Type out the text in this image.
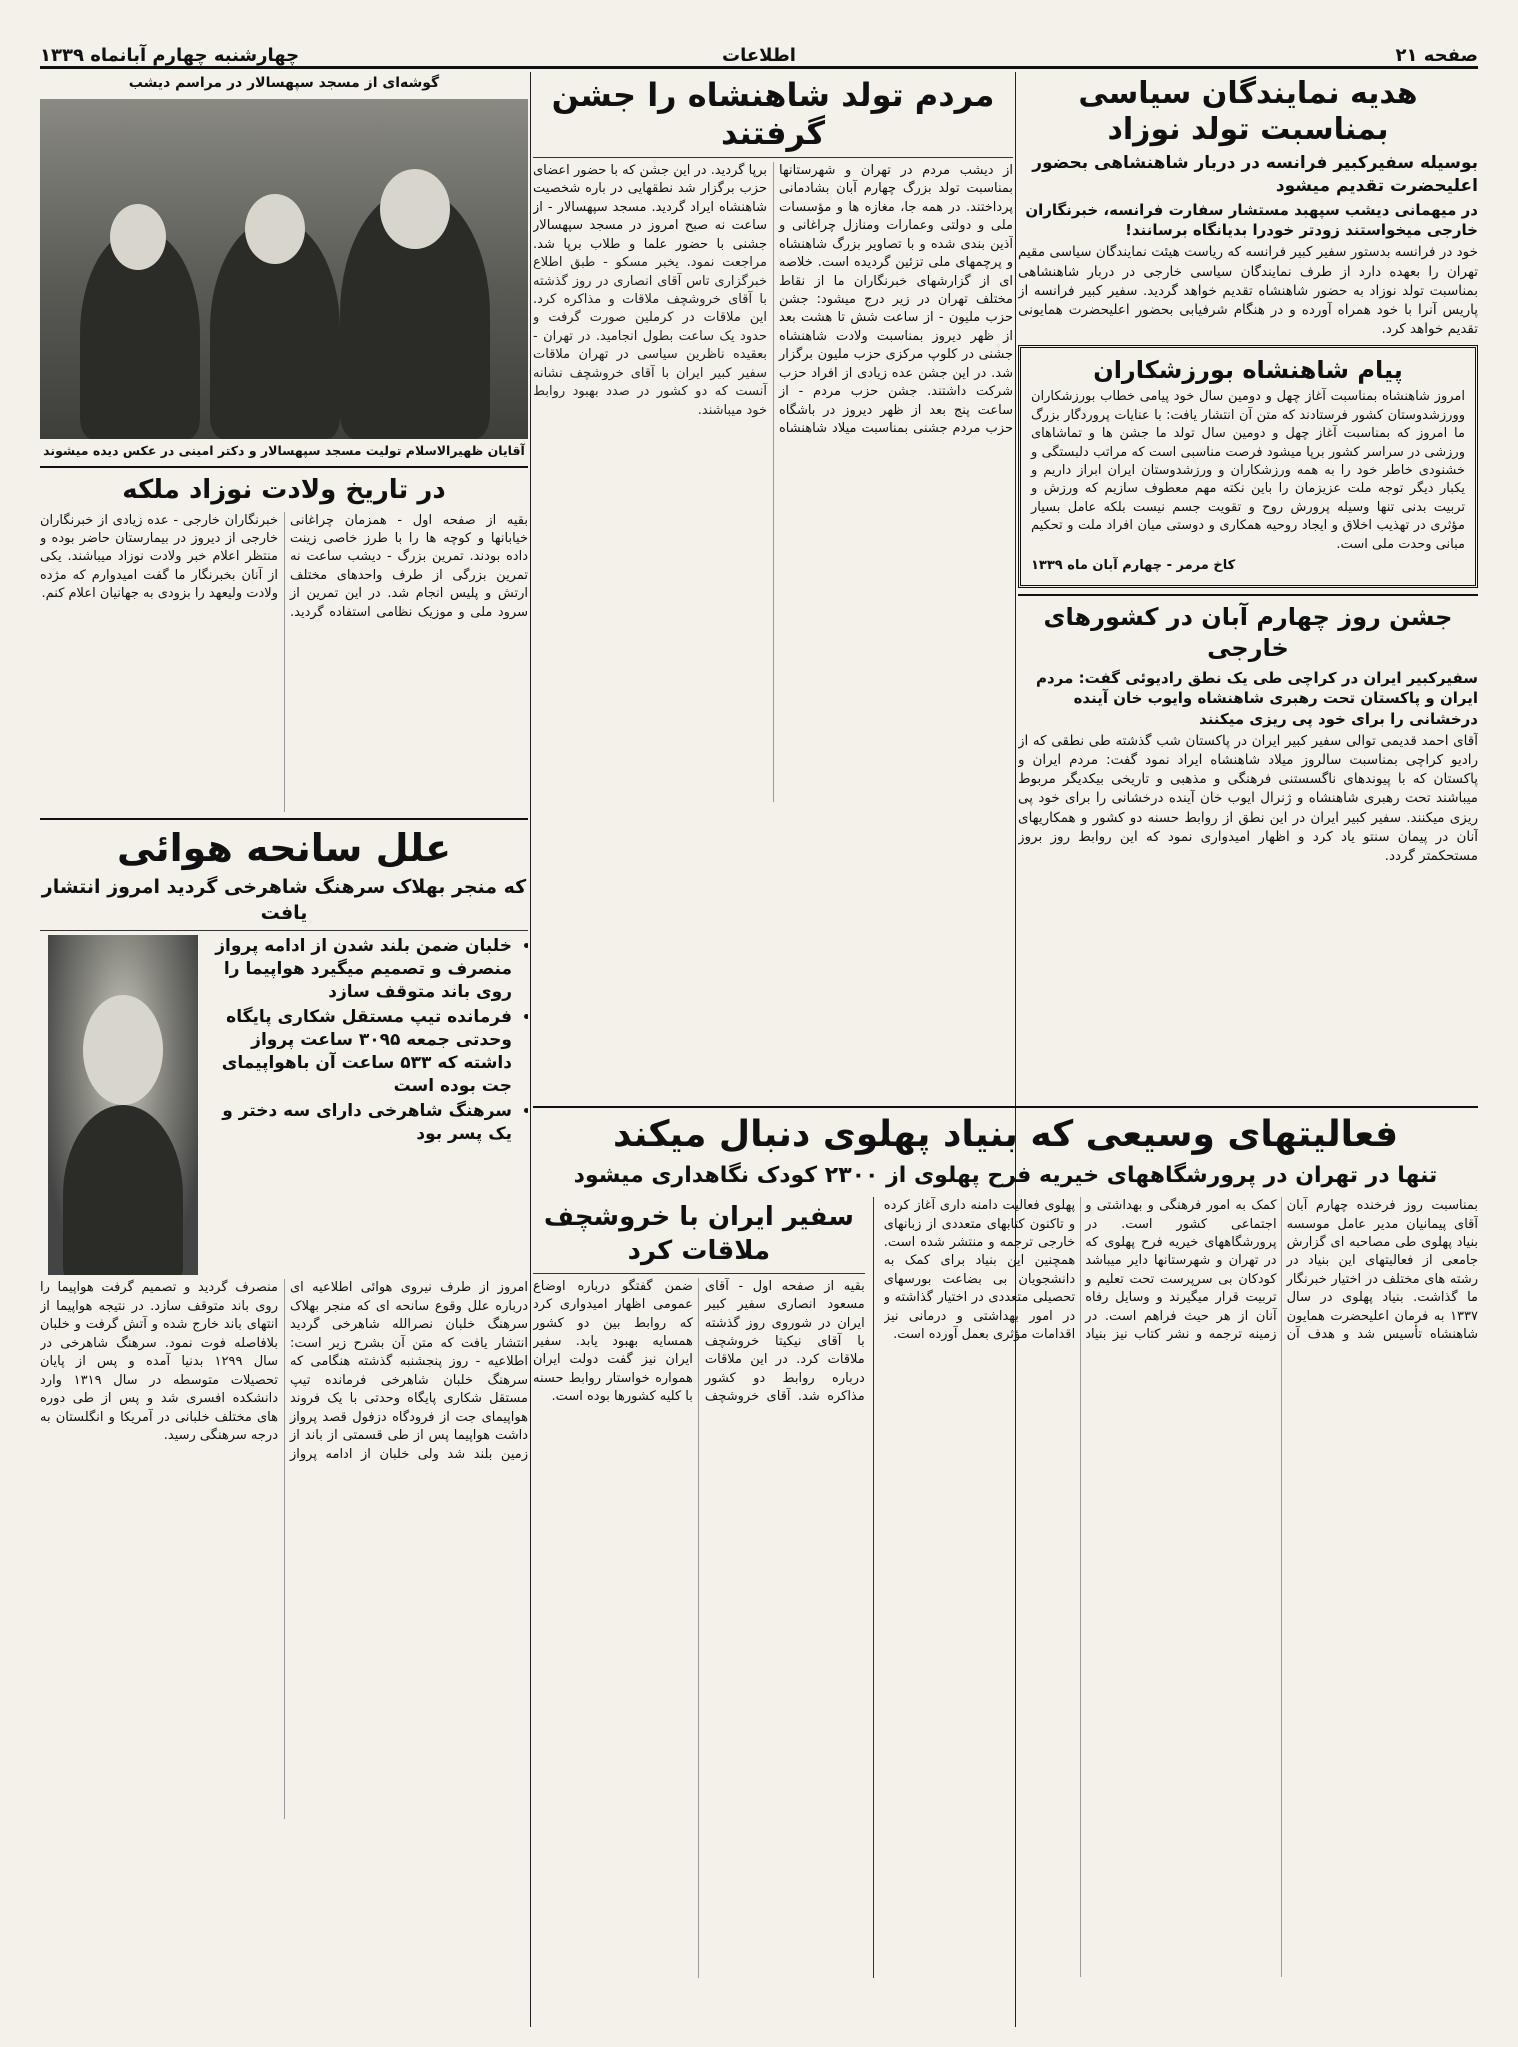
صفحه ۲۱
اطلاعات
چهارشنبه چهارم آبانماه ۱۳۳۹
هدیه نمایندگان سیاسی بمناسبت تولد نوزاد
بوسیله سفیرکبیر فرانسه در دربار شاهنشاهی بحضور اعلیحضرت تقدیم میشود
در میهمانی دیشب سپهبد مستشار سفارت فرانسه، خبرنگاران خارجی میخواستند زودتر خودرا بدیانگاه برسانند!
خود در فرانسه بدستور سفیر کبیر فرانسه که ریاست هیئت نمایندگان سیاسی مقیم تهران را بعهده دارد از طرف نمایندگان سیاسی خارجی در دربار شاهنشاهی بمناسبت تولد نوزاد به حضور شاهنشاه تقدیم خواهد گردید. سفیر کبیر فرانسه از پاریس آنرا با خود همراه آورده و در هنگام شرفیابی بحضور اعلیحضرت همایونی تقدیم خواهد کرد.
پیام شاهنشاه بورزشکاران
امروز شاهنشاه بمناسبت آغاز چهل و دومین سال خود پیامی خطاب بورزشکاران وورزشدوستان کشور فرستادند که متن آن انتشار یافت: با عنایات پروردگار بزرگ ما امروز که بمناسبت آغاز چهل و دومین سال تولد ما جشن ها و تماشاهای ورزشی در سراسر کشور برپا میشود فرصت مناسبی است که مراتب دلبستگی و خشنودی خاطر خود را به همه ورزشکاران و ورزشدوستان ایران ابراز داریم و یکبار دیگر توجه ملت عزیزمان را باین نکته مهم معطوف سازیم که ورزش و تربیت بدنی تنها وسیله پرورش روح و تقویت جسم نیست بلکه عامل بسیار مؤثری در تهذیب اخلاق و ایجاد روحیه همکاری و دوستی میان افراد ملت و تحکیم مبانی وحدت ملی است.
کاخ مرمر - چهارم آبان ماه ۱۳۳۹
جشن روز چهارم آبان در کشورهای خارجی
سفیرکبیر ایران در کراچی طی یک نطق رادیوئی گفت: مردم ایران و پاکستان تحت رهبری شاهنشاه وایوب خان آینده درخشانی را برای خود پی ریزی میکنند
آقای احمد قدیمی توالی سفیر کبیر ایران در پاکستان شب گذشته طی نطقی که از رادیو کراچی بمناسبت سالروز میلاد شاهنشاه ایراد نمود گفت: مردم ایران و پاکستان که با پیوندهای ناگسستنی فرهنگی و مذهبی و تاریخی بیکدیگر مربوط میباشند تحت رهبری شاهنشاه و ژنرال ایوب خان آینده درخشانی را برای خود پی ریزی میکنند. سفیر کبیر ایران در این نطق از روابط حسنه دو کشور و همکاریهای آنان در پیمان سنتو یاد کرد و اظهار امیدواری نمود که این روابط روز بروز مستحکمتر گردد.
مردم تولد شاهنشاه را جشن گرفتند
از دیشب مردم در تهران و شهرستانها بمناسبت تولد بزرگ چهارم آبان بشادمانی پرداختند. در همه جا، مغازه ها و مؤسسات ملی و دولتی وعمارات ومنازل چراغانی و آذین بندی شده و با تصاویر بزرگ شاهنشاه و پرچمهای ملی تزئین گردیده است. خلاصه ای از گزارشهای خبرنگاران ما از نقاط مختلف تهران در زیر درج میشود: جشن حزب ملیون - از ساعت شش تا هشت بعد از ظهر دیروز بمناسبت ولادت شاهنشاه جشنی در کلوپ مرکزی حزب ملیون برگزار شد. در این جشن عده زیادی از افراد حزب شرکت داشتند. جشن حزب مردم - از ساعت پنج بعد از ظهر دیروز در باشگاه حزب مردم جشنی بمناسبت میلاد شاهنشاه برپا گردید. در این جشن که با حضور اعضای حزب برگزار شد نطقهایی در باره شخصیت شاهنشاه ایراد گردید. مسجد سپهسالار - از ساعت نه صبح امروز در مسجد سپهسالار جشنی با حضور علما و طلاب برپا شد. مراجعت نمود. یخبر مسکو - طبق اطلاع خبرگزاری تاس آقای انصاری در روز گذشته با آقای خروشچف ملاقات و مذاکره کرد. این ملاقات در کرملین صورت گرفت و حدود یک ساعت بطول انجامید. در تهران - بعقیده ناظرین سیاسی در تهران ملاقات سفیر کبیر ایران با آقای خروشچف نشانه آنست که دو کشور در صدد بهبود روابط خود میباشند.
گوشه‌ای از مسجد سپهسالار در مراسم دیشب
آقایان ظهیرالاسلام تولیت مسجد سپهسالار و دکتر امینی در عکس دیده میشوند
در تاریخ ولادت نوزاد ملکه
بقیه از صفحه اول - همزمان چراغانی خیابانها و کوچه ها را با طرز خاصی زینت داده بودند. تمرین بزرگ - دیشب ساعت نه تمرین بزرگی از طرف واحدهای مختلف ارتش و پلیس انجام شد. در این تمرین از سرود ملی و موزیک نظامی استفاده گردید. خبرنگاران خارجی - عده زیادی از خبرنگاران خارجی از دیروز در بیمارستان حاضر بوده و منتظر اعلام خبر ولادت نوزاد میباشند. یکی از آنان بخبرنگار ما گفت امیدوارم که مژده ولادت ولیعهد را بزودی به جهانیان اعلام کنم.
علل سانحه هوائی
که منجر بهلاک سرهنگ شاهرخی گردید امروز انتشار یافت
• خلبان ضمن بلند شدن از ادامه پرواز منصرف و تصمیم میگیرد هواپیما را روی باند متوقف سازد
• فرمانده تیپ مستقل شکاری پایگاه وحدتی جمعه ۳۰۹۵ ساعت پرواز داشته که ۵۳۳ ساعت آن باهواپیمای جت بوده است
• سرهنگ شاهرخی دارای سه دختر و یک پسر بود
امروز از طرف نیروی هوائی اطلاعیه ای درباره علل وقوع سانحه ای که منجر بهلاک سرهنگ خلبان نصرالله شاهرخی گردید انتشار یافت که متن آن بشرح زیر است: اطلاعیه - روز پنجشنبه گذشته هنگامی که سرهنگ خلبان شاهرخی فرمانده تیپ مستقل شکاری پایگاه وحدتی با یک فروند هواپیمای جت از فرودگاه دزفول قصد پرواز داشت هواپیما پس از طی قسمتی از باند از زمین بلند شد ولی خلبان از ادامه پرواز منصرف گردید و تصمیم گرفت هواپیما را روی باند متوقف سازد. در نتیجه هواپیما از انتهای باند خارج شده و آتش گرفت و خلبان بلافاصله فوت نمود. سرهنگ شاهرخی در سال ۱۲۹۹ بدنیا آمده و پس از پایان تحصیلات متوسطه در سال ۱۳۱۹ وارد دانشکده افسری شد و پس از طی دوره های مختلف خلبانی در آمریکا و انگلستان به درجه سرهنگی رسید.
فعالیتهای وسیعی که بنیاد پهلوی دنبال میکند
تنها در تهران در پرورشگاههای خیریه فرح پهلوی از ۲۳۰۰ کودک نگاهداری میشود
بمناسبت روز فرخنده چهارم آبان آقای پیمانیان مدیر عامل موسسه بنیاد پهلوی طی مصاحبه ای گزارش جامعی از فعالیتهای این بنیاد در رشته های مختلف در اختیار خبرنگار ما گذاشت. بنیاد پهلوی در سال ۱۳۳۷ به فرمان اعلیحضرت همایون شاهنشاه تأسیس شد و هدف آن کمک به امور فرهنگی و بهداشتی و اجتماعی کشور است. در پرورشگاههای خیریه فرح پهلوی که در تهران و شهرستانها دایر میباشد کودکان بی سرپرست تحت تعلیم و تربیت قرار میگیرند و وسایل رفاه آنان از هر حیث فراهم است. در زمینه ترجمه و نشر کتاب نیز بنیاد پهلوی فعالیت دامنه داری آغاز کرده و تاکنون کتابهای متعددی از زبانهای خارجی ترجمه و منتشر شده است. همچنین این بنیاد برای کمک به دانشجویان بی بضاعت بورسهای تحصیلی متعددی در اختیار گذاشته و در امور بهداشتی و درمانی نیز اقدامات مؤثری بعمل آورده است.
سفیر ایران با خروشچف ملاقات کرد
بقیه از صفحه اول - آقای مسعود انصاری سفیر کبیر ایران در شوروی روز گذشته با آقای نیکیتا خروشچف ملاقات کرد. در این ملاقات درباره روابط دو کشور مذاکره شد. آقای خروشچف ضمن گفتگو درباره اوضاع عمومی اظهار امیدواری کرد که روابط بین دو کشور همسایه بهبود یابد. سفیر ایران نیز گفت دولت ایران همواره خواستار روابط حسنه با کلیه کشورها بوده است.
